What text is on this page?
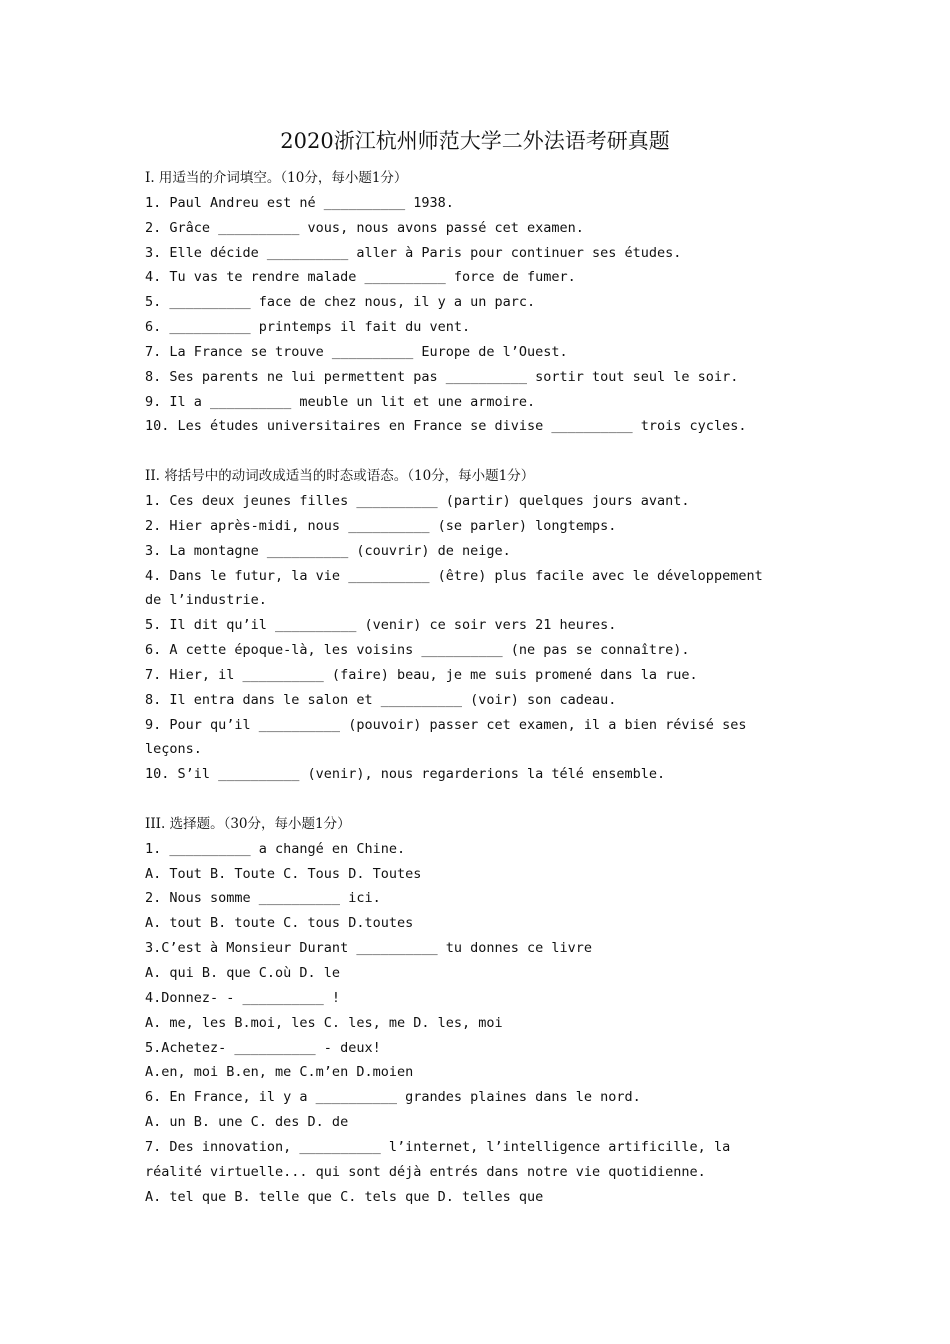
2020浙江杭州师范大学二外法语考研真题
I. 用适当的介词填空。（10分，每小题1分）
1. Paul Andreu est né __________ 1938.
2. Grâce __________ vous, nous avons passé cet examen.
3. Elle décide __________ aller à Paris pour continuer ses études.
4. Tu vas te rendre malade __________ force de fumer.
5. __________ face de chez nous, il y a un parc.
6. __________ printemps il fait du vent.
7. La France se trouve __________ Europe de l’Ouest.
8. Ses parents ne lui permettent pas __________ sortir tout seul le soir.
9. Il a __________ meuble un lit et une armoire.
10. Les études universitaires en France se divise __________ trois cycles.
II. 将括号中的动词改成适当的时态或语态。（10分，每小题1分）
1. Ces deux jeunes filles __________ (partir) quelques jours avant.
2. Hier après-midi, nous __________ (se parler) longtemps.
3. La montagne __________ (couvrir) de neige.
4. Dans le futur, la vie __________ (être) plus facile avec le développement
de l’industrie.
5. Il dit qu’il __________ (venir) ce soir vers 21 heures.
6. A cette époque-là, les voisins __________ (ne pas se connaître).
7. Hier, il __________ (faire) beau, je me suis promené dans la rue.
8. Il entra dans le salon et __________ (voir) son cadeau.
9. Pour qu’il __________ (pouvoir) passer cet examen, il a bien révisé ses
leçons.
10. S’il __________ (venir), nous regarderions la télé ensemble.
III. 选择题。（30分，每小题1分）
1. __________ a changé en Chine.
A. Tout B. Toute C. Tous D. Toutes
2. Nous somme __________ ici.
A. tout B. toute C. tous D.toutes
3.C’est à Monsieur Durant __________ tu donnes ce livre
A. qui B. que C.où D. le
4.Donnez- - __________ !
A. me, les B.moi, les C. les, me D. les, moi
5.Achetez- __________ - deux!
A.en, moi B.en, me C.m’en D.moien
6. En France, il y a __________ grandes plaines dans le nord.
A. un B. une C. des D. de
7. Des innovation, __________ l’internet, l’intelligence artificille, la
réalité virtuelle... qui sont déjà entrés dans notre vie quotidienne.
A. tel que B. telle que C. tels que D. telles que
